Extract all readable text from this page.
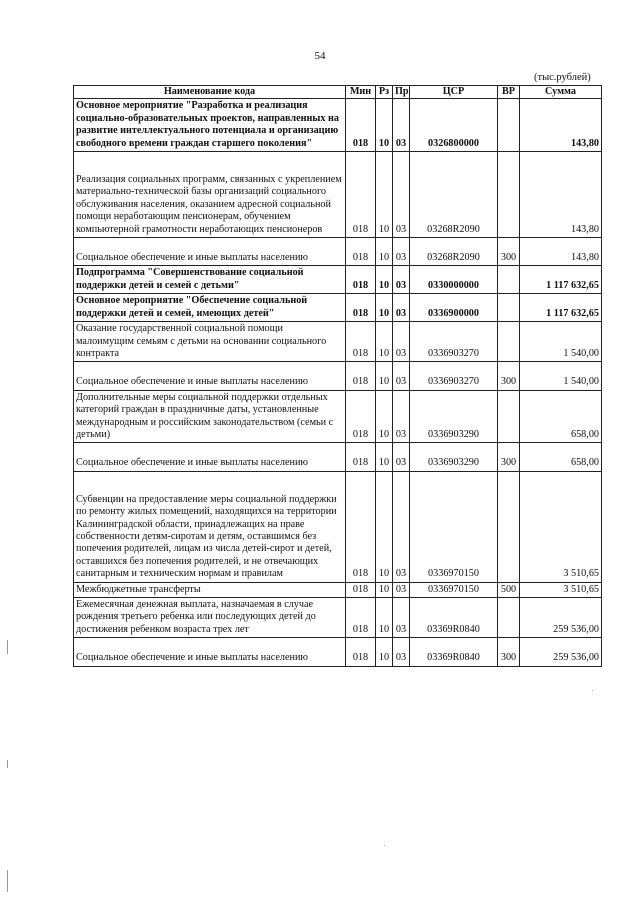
54
(тыс.рублей)
Наименование кода	Мин	Рз	Пр	ЦСР	ВР	Сумма
Основное мероприятие "Разработка и реализация социально-образовательных проектов, направленных на развитие интеллектуального потенциала и организацию свободного времени граждан старшего поколения"	018	10	03	0326800000		143,80
Реализация социальных программ, связанных с укреплением материально-технической базы организаций социального обслуживания населения, оказанием адресной социальной помощи неработающим пенсионерам, обучением компьютерной грамотности неработающих пенсионеров	018	10	03	03268R2090		143,80
Социальное обеспечение и иные выплаты населению	018	10	03	03268R2090	300	143,80
Подпрограмма "Совершенствование социальной поддержки детей и семей с детьми"	018	10	03	0330000000		1 117 632,65
Основное мероприятие "Обеспечение социальной поддержки детей и семей, имеющих детей"	018	10	03	0336900000		1 117 632,65
Оказание государственной социальной помощи малоимущим семьям с детьми на основании социального контракта	018	10	03	0336903270		1 540,00
Социальное обеспечение и иные выплаты населению	018	10	03	0336903270	300	1 540,00
Дополнительные меры социальной поддержки отдельных категорий граждан в праздничные даты, установленные международным и российским законодательством (семьи с детьми)	018	10	03	0336903290		658,00
Социальное обеспечение и иные выплаты населению	018	10	03	0336903290	300	658,00
Субвенции на предоставление меры социальной поддержки по ремонту жилых помещений, находящихся на территории Калининградской области, принадлежащих на праве собственности детям-сиротам и детям, оставшимся без попечения родителей, лицам из числа детей-сирот и детей, оставшихся без попечения родителей, и не отвечающих санитарным и техническим нормам и правилам	018	10	03	0336970150		3 510,65
Межбюджетные трансферты	018	10	03	0336970150	500	3 510,65
Ежемесячная денежная выплата, назначаемая в случае рождения третьего ребенка или последующих детей до достижения ребенком возраста трех лет	018	10	03	03369R0840		259 536,00
Социальное обеспечение и иные выплаты населению	018	10	03	03369R0840	300	259 536,00
